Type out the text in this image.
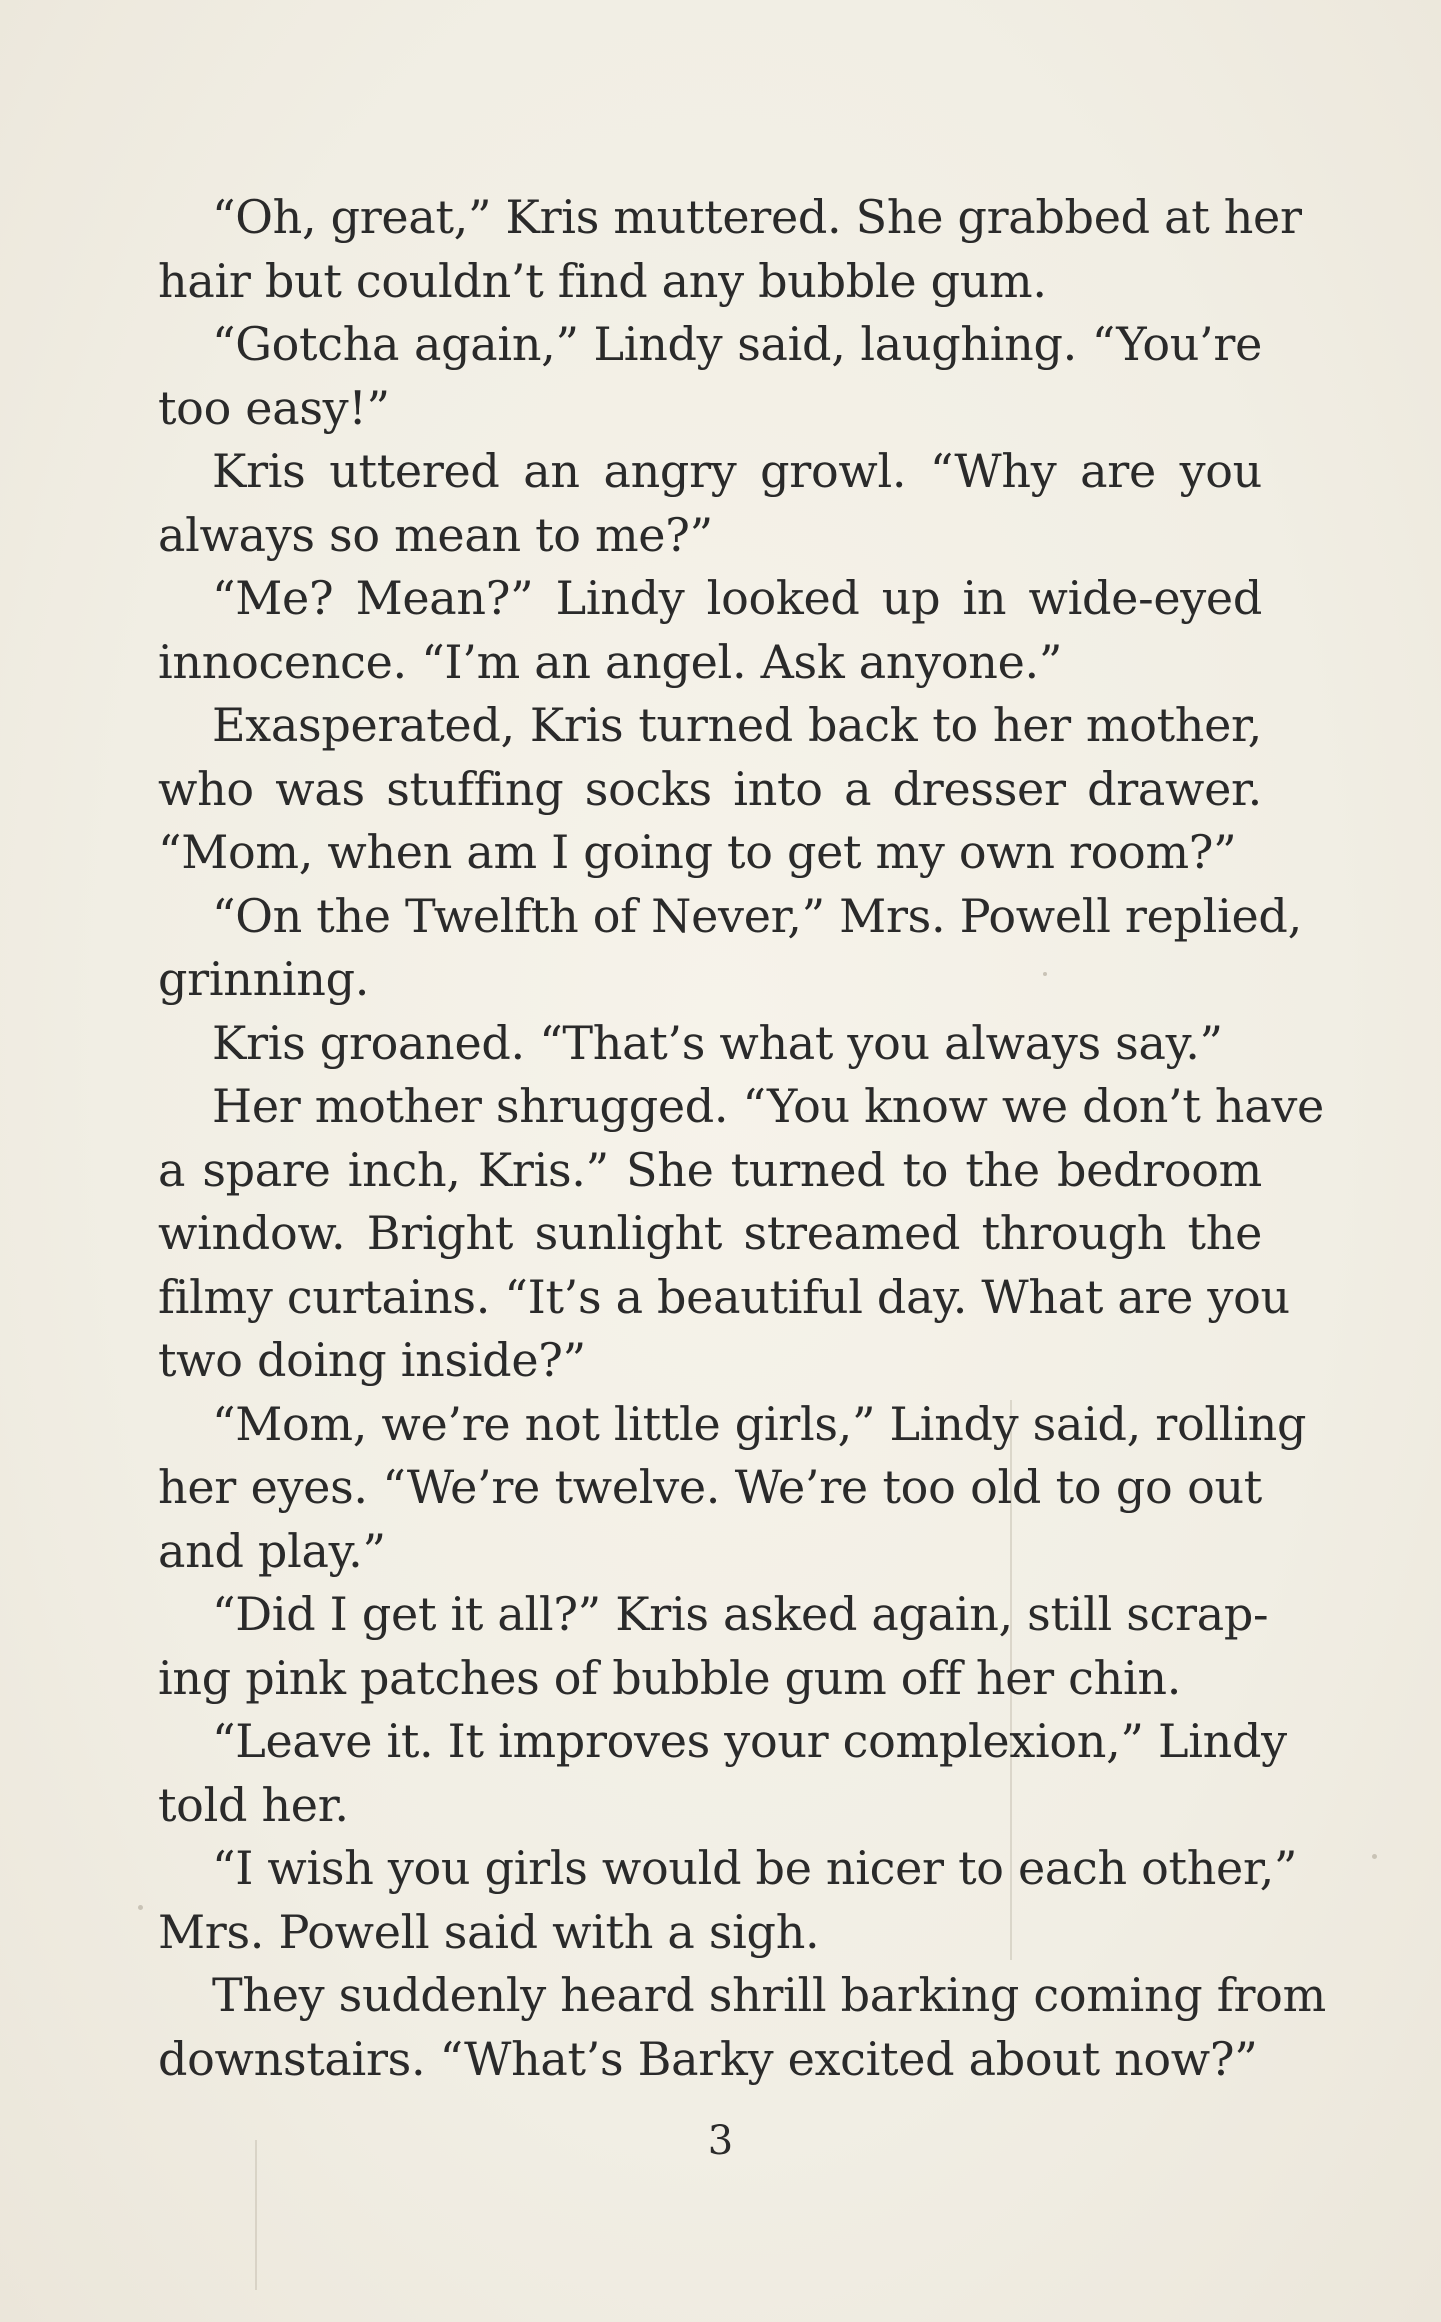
“Oh, great,” Kris muttered. She grabbed at her
hair but couldn’t find any bubble gum.
“Gotcha again,” Lindy said, laughing. “You’re
too easy!”
Kris uttered an angry growl. “Why are you
always so mean to me?”
“Me? Mean?” Lindy looked up in wide-eyed
innocence. “I’m an angel. Ask anyone.”
Exasperated, Kris turned back to her mother,
who was stuffing socks into a dresser drawer.
“Mom, when am I going to get my own room?”
“On the Twelfth of Never,” Mrs. Powell replied,
grinning.
Kris groaned. “That’s what you always say.”
Her mother shrugged. “You know we don’t have
a spare inch, Kris.” She turned to the bedroom
window. Bright sunlight streamed through the
filmy curtains. “It’s a beautiful day. What are you
two doing inside?”
“Mom, we’re not little girls,” Lindy said, rolling
her eyes. “We’re twelve. We’re too old to go out
and play.”
“Did I get it all?” Kris asked again, still scrap-
ing pink patches of bubble gum off her chin.
“Leave it. It improves your complexion,” Lindy
told her.
“I wish you girls would be nicer to each other,”
Mrs. Powell said with a sigh.
They suddenly heard shrill barking coming from
downstairs. “What’s Barky excited about now?”
3
